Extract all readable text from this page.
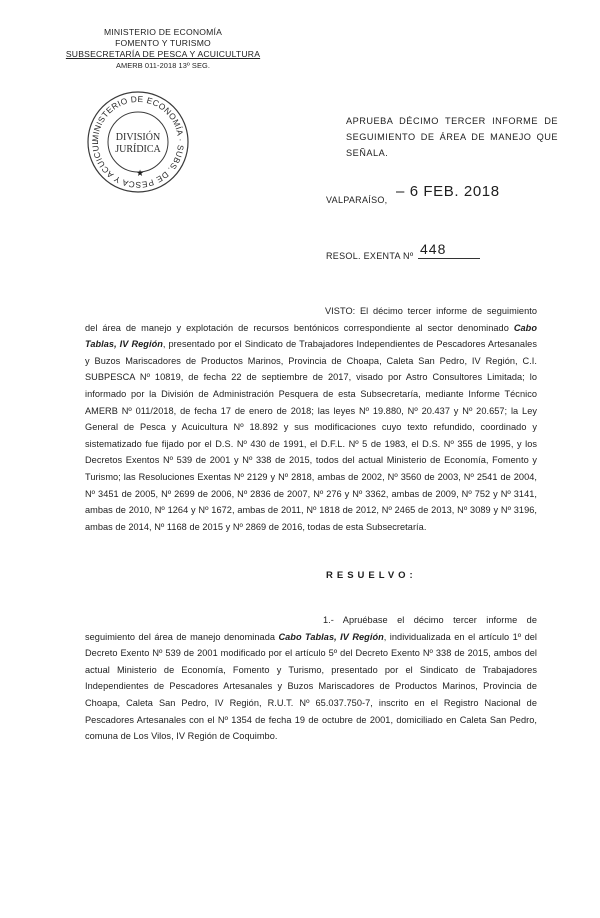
MINISTERIO DE ECONOMÍA
FOMENTO Y TURISMO
SUBSECRETARÍA DE PESCA Y ACUICULTURA
AMERB 011-2018 13º SEG.
MINISTERIO DE ECONOMÍA · SUBS. DE PESCA Y ACUICUL	DIVISIÓN
JURÍDICA
★
APRUEBA DÉCIMO TERCER INFORME DE
SEGUIMIENTO DE ÁREA DE MANEJO QUE SEÑALA.
VALPARAÍSO, – 6 FEB. 2018
RESOL. EXENTA Nº 448
VISTO: El décimo tercer informe de seguimiento del área de manejo y explotación de recursos bentónicos correspondiente al sector denominado Cabo Tablas, IV Región, presentado por el Sindicato de Trabajadores Independientes de Pescadores Artesanales y Buzos Mariscadores de Productos Marinos, Provincia de Choapa, Caleta San Pedro, IV Región, C.I. SUBPESCA Nº 10819, de fecha 22 de septiembre de 2017, visado por Astro Consultores Limitada; lo informado por la División de Administración Pesquera de esta Subsecretaría, mediante Informe Técnico AMERB Nº 011/2018, de fecha 17 de enero de 2018; las leyes Nº 19.880, Nº 20.437 y Nº 20.657; la Ley General de Pesca y Acuicultura Nº 18.892 y sus modificaciones cuyo texto refundido, coordinado y sistematizado fue fijado por el D.S. Nº 430 de 1991, el D.F.L. Nº 5 de 1983, el D.S. Nº 355 de 1995, y los Decretos Exentos Nº 539 de 2001 y Nº 338 de 2015, todos del actual Ministerio de Economía, Fomento y Turismo; las Resoluciones Exentas Nº 2129 y Nº 2818, ambas de 2002, Nº 3560 de 2003, Nº 2541 de 2004, Nº 3451 de 2005, Nº 2699 de 2006, Nº 2836 de 2007, Nº 276 y Nº 3362, ambas de 2009, Nº 752 y Nº 3141, ambas de 2010, Nº 1264 y Nº 1672, ambas de 2011, Nº 1818 de 2012, Nº 2465 de 2013, Nº 3089 y Nº 3196, ambas de 2014, Nº 1168 de 2015 y Nº 2869 de 2016, todas de esta Subsecretaría.
RESUELVO:
1.- Apruébase el décimo tercer informe de seguimiento del área de manejo denominada Cabo Tablas, IV Región, individualizada en el artículo 1º del Decreto Exento Nº 539 de 2001 modificado por el artículo 5º del Decreto Exento Nº 338 de 2015, ambos del actual Ministerio de Economía, Fomento y Turismo, presentado por el Sindicato de Trabajadores Independientes de Pescadores Artesanales y Buzos Mariscadores de Productos Marinos, Provincia de Choapa, Caleta San Pedro, IV Región, R.U.T. Nº 65.037.750-7, inscrito en el Registro Nacional de Pescadores Artesanales con el Nº 1354 de fecha 19 de octubre de 2001, domiciliado en Caleta San Pedro, comuna de Los Vilos, IV Región de Coquimbo.
